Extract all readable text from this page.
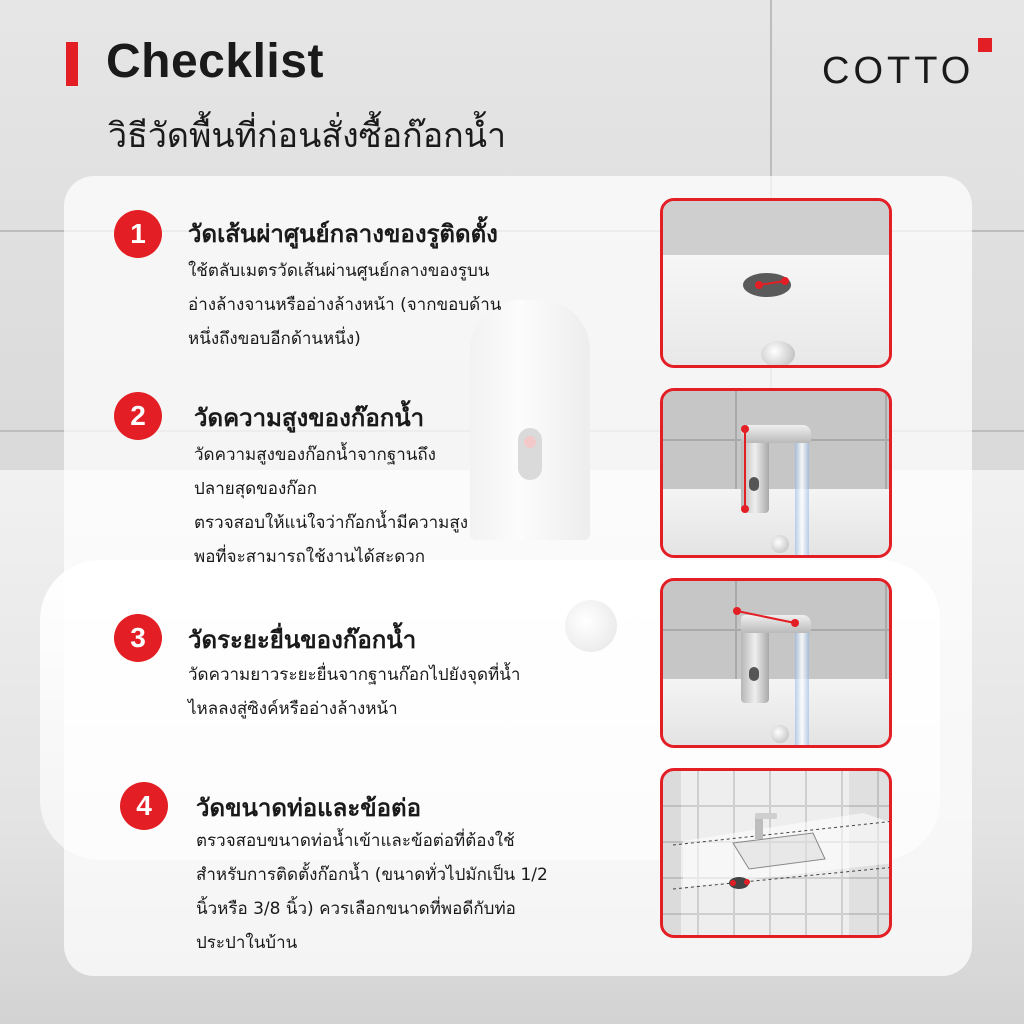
Checklist
วิธีวัดพื้นที่ก่อนสั่งซื้อก๊อกน้ำ
COTTO
1	วัดเส้นผ่าศูนย์กลางของรูติดตั้ง
ใช้ตลับเมตรวัดเส้นผ่านศูนย์กลางของรูบน
อ่างล้างจานหรืออ่างล้างหน้า (จากขอบด้าน
หนึ่งถึงขอบอีกด้านหนึ่ง)
2	วัดความสูงของก๊อกน้ำ
วัดความสูงของก๊อกน้ำจากฐานถึง
ปลายสุดของก๊อก
ตรวจสอบให้แน่ใจว่าก๊อกน้ำมีความสูง
พอที่จะสามารถใช้งานได้สะดวก
3	วัดระยะยื่นของก๊อกน้ำ
วัดความยาวระยะยื่นจากฐานก๊อกไปยังจุดที่น้ำ
ไหลลงสู่ซิงค์หรืออ่างล้างหน้า
4	วัดขนาดท่อและข้อต่อ
ตรวจสอบขนาดท่อน้ำเข้าและข้อต่อที่ต้องใช้
สำหรับการติดตั้งก๊อกน้ำ (ขนาดทั่วไปมักเป็น 1/2
นิ้วหรือ 3/8 นิ้ว) ควรเลือกขนาดที่พอดีกับท่อ
ประปาในบ้าน
